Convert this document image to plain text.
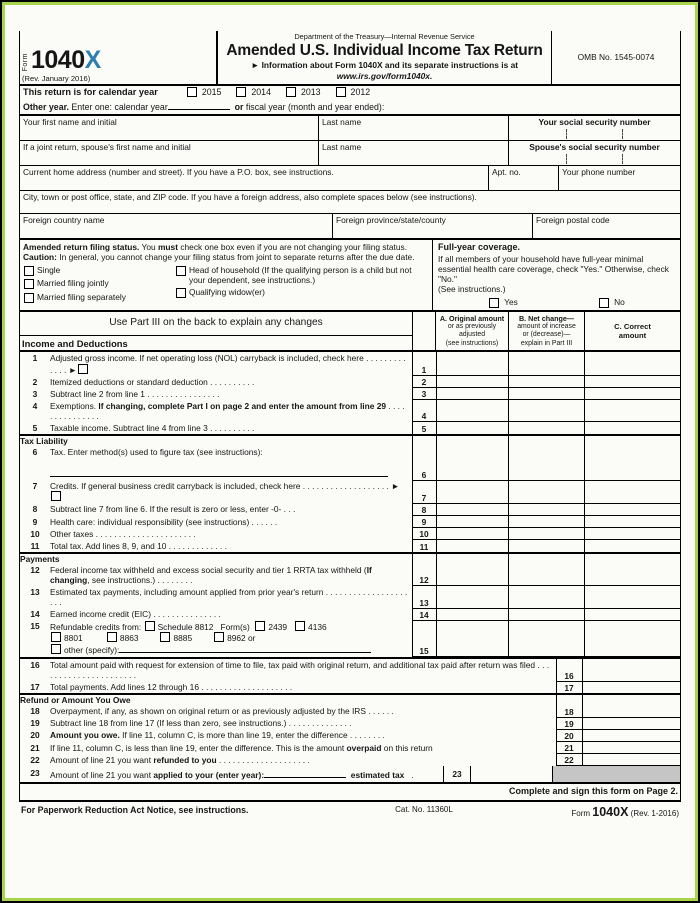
Form 1040X
(Rev. January 2016)
Department of the Treasury—Internal Revenue Service
Amended U.S. Individual Income Tax Return
► Information about Form 1040X and its separate instructions is at www.irs.gov/form1040x.
OMB No. 1545-0074
This return is for calendar year	2015	2014	2013	2012
Other year. Enter one: calendar year	or fiscal year (month and year ended):
Your first name and initial	Last name	Your social security number
If a joint return, spouse's first name and initial	Last name	Spouse's social security number
Current home address (number and street). If you have a P.O. box, see instructions.	Apt. no.	Your phone number
City, town or post office, state, and ZIP code. If you have a foreign address, also complete spaces below (see instructions).
Foreign country name	Foreign province/state/county	Foreign postal code
Amended return filing status. You must check one box even if you are not changing your filing status. Caution: In general, you cannot change your filing status from joint to separate returns after the due date.
Single
Married filing jointly
Married filing separately
Head of household (If the qualifying person is a child but not your dependent, see instructions.)
Qualifying widow(er)
Full-year coverage.
If all members of your household have full-year minimal essential health care coverage, check "Yes." Otherwise, check "No."
(See instructions.)
Yes	No
Use Part III on the back to explain any changes
Income and Deductions
A. Original amount
or as previously
adjusted
(see instructions)
B. Net change—
amount of increase
or (decrease)—
explain in Part III
C. Correct
amount
1 Adjusted gross income. If net operating loss (NOL) carryback is included, check here . . . . . . . . . . . . . ►	1			

2 Itemized deductions or standard deduction . . . . . . . . . .	2			

3 Subtract line 2 from line 1 . . . . . . . . . . . . . . . .	3			

4 Exemptions. If changing, complete Part I on page 2 and enter the amount from line 29 . . . . . . . . . . . . . . .	4			

5 Taxable income. Subtract line 4 from line 3 . . . . . . . . . .	5			
Tax Liability				

6 Tax. Enter method(s) used to figure tax (see instructions):	6			

7 Credits. If general business credit carryback is included, check here . . . . . . . . . . . . . . . . . . . ►	7			

8 Subtract line 7 from line 6. If the result is zero or less, enter -0- . . .	8			

9 Health care: individual responsibility (see instructions) . . . . . .	9			

10 Other taxes . . . . . . . . . . . . . . . . . . . . . .	10			

11 Total tax. Add lines 8, 9, and 10 . . . . . . . . . . . . .	11			
Payments				

12 Federal income tax withheld and excess social security and tier 1 RRTA tax withheld (If changing, see instructions.) . . . . . . . .	12			

13 Estimated tax payments, including amount applied from prior year's return . . . . . . . . . . . . . . . . . . . . .	13			

14 Earned income credit (EIC) . . . . . . . . . . . . . . .	14			

15 Refundable credits from: Schedule 8812   Form(s)  2439   4136
8801          8863         8885         8962 or
other (specify):	15			
16 Total amount paid with request for extension of time to file, tax paid with original return, and additional tax paid after return was filed . . . . . . . . . . . . . . . . . . . . . .	16	

17 Total payments. Add lines 12 through 16 . . . . . . . . . . . . . . . . . . . .	17	
Refund or Amount You Owe		

18 Overpayment, if any, as shown on original return or as previously adjusted by the IRS . . . . . .	18	

19 Subtract line 18 from line 17 (If less than zero, see instructions.) . . . . . . . . . . . . . .	19	

20 Amount you owe. If line 11, column C, is more than line 19, enter the difference . . . . . . . .	20	

21 If line 11, column C, is less than line 19, enter the difference. This is the amount overpaid on this return	21	

22 Amount of line 21 you want refunded to you . . . . . . . . . . . . . . . . . . . .	22	
23	Amount of line 21 you want applied to your (enter year):	estimated tax   .	23
Complete and sign this form on Page 2.
For Paperwork Reduction Act Notice, see instructions.	Cat. No. 11360L	Form 1040X (Rev. 1-2016)
